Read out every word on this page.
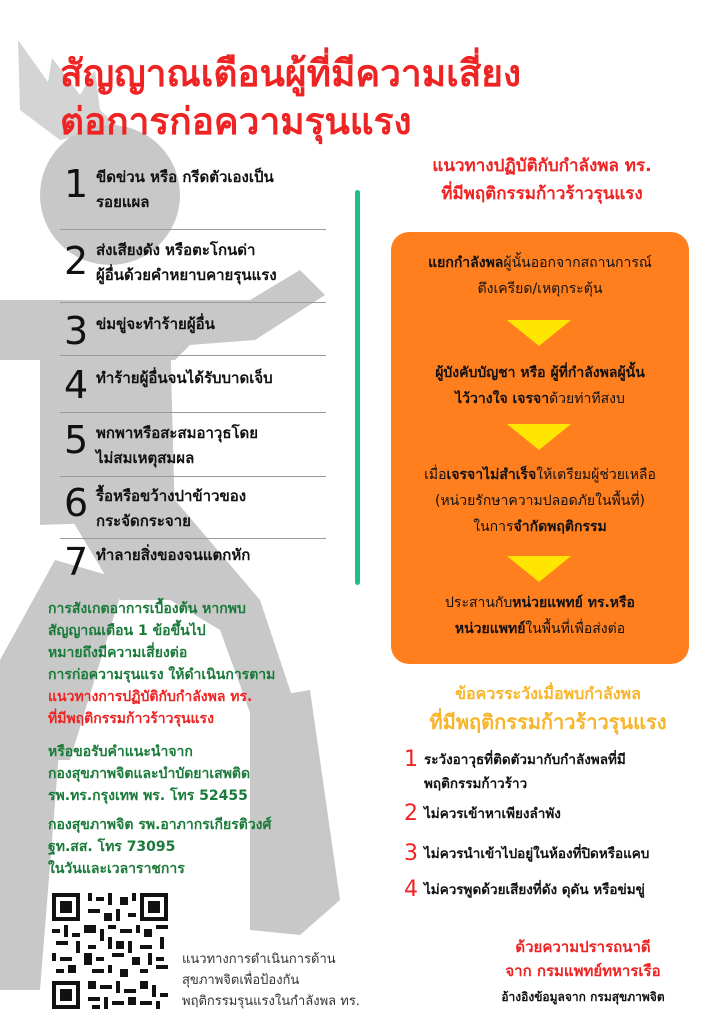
สัญญาณเตือนผู้ที่มีความเสี่ยง
ต่อการก่อความรุนแรง
1 ขีดข่วน หรือ กรีดตัวเองเป็น
รอยแผล
2 ส่งเสียงดัง หรือตะโกนด่า
ผู้อื่นด้วยคำหยาบคายรุนแรง
3 ข่มขู่จะทำร้ายผู้อื่น
4 ทำร้ายผู้อื่นจนได้รับบาดเจ็บ
5 พกพาหรือสะสมอาวุธโดย
ไม่สมเหตุสมผล
6 รื้อหรือขว้างปาข้าวของ
กระจัดกระจาย
7 ทำลายสิ่งของจนแตกหัก
แนวทางปฏิบัติกับกำลังพล ทร.
ที่มีพฤติกรรมก้าวร้าวรุนแรง
แยกกำลังพลผู้นั้นออกจากสถานการณ์
ตึงเครียด/เหตุกระตุ้น
ผู้บังคับบัญชา หรือ ผู้ที่กำลังพลผู้นั้น
ไว้วางใจ เจรจาด้วยท่าทีสงบ
เมื่อเจรจาไม่สำเร็จให้เตรียมผู้ช่วยเหลือ
(หน่วยรักษาความปลอดภัยในพื้นที่)
ในการจำกัดพฤติกรรม
ประสานกับหน่วยแพทย์ ทร.หรือ
หน่วยแพทย์ในพื้นที่เพื่อส่งต่อ
ข้อควรระวังเมื่อพบกำลังพล
ที่มีพฤติกรรมก้าวร้าวรุนแรง
1 ระวังอาวุธที่ติดตัวมากับกำลังพลที่มี
พฤติกรรมก้าวร้าว
2 ไม่ควรเข้าหาเพียงลำพัง
3 ไม่ควรนำเข้าไปอยู่ในห้องที่ปิดหรือแคบ
4 ไม่ควรพูดด้วยเสียงที่ดัง ดุดัน หรือข่มขู่
การสังเกตอาการเบื้องต้น หากพบ
สัญญาณเตือน 1 ข้อขึ้นไป
หมายถึงมีความเสี่ยงต่อ
การก่อความรุนแรง ให้ดำเนินการตาม
แนวทางการปฏิบัติกับกำลังพล ทร.
ที่มีพฤติกรรมก้าวร้าวรุนแรง
หรือขอรับคำแนะนำจาก
กองสุขภาพจิตและบำบัดยาเสพติด
รพ.ทร.กรุงเทพ พร. โทร 52455
กองสุขภาพจิต รพ.อาภากรเกียรติวงศ์
ฐท.สส. โทร 73095
ในวันและเวลาราชการ
แนวทางการดำเนินการด้าน
สุขภาพจิตเพื่อป้องกัน
พฤติกรรมรุนแรงในกำลังพล ทร.
ด้วยความปรารถนาดี
จาก กรมแพทย์ทหารเรือ
อ้างอิงข้อมูลจาก กรมสุขภาพจิต
